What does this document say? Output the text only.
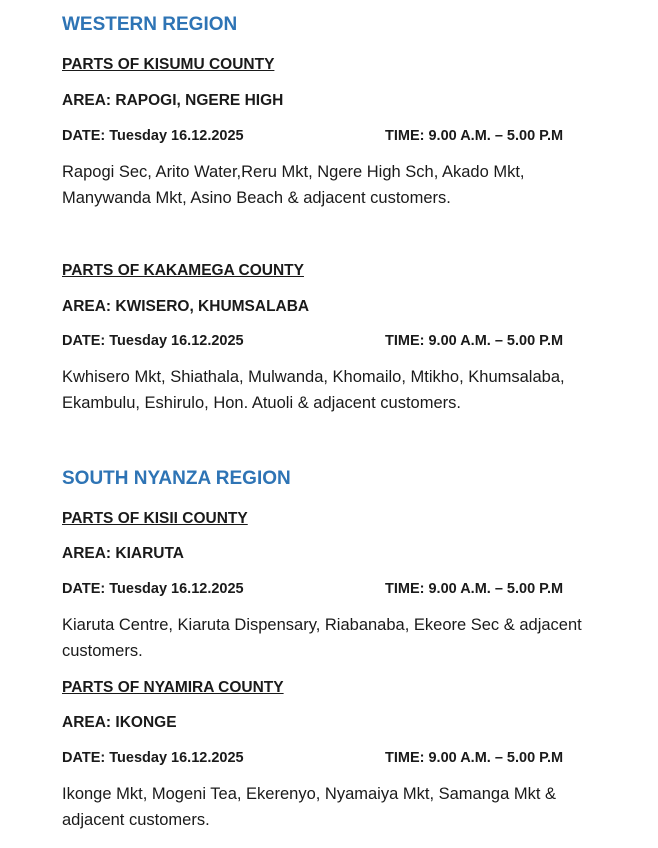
WESTERN REGION
PARTS OF KISUMU COUNTY
AREA: RAPOGI, NGERE HIGH
DATE: Tuesday 16.12.2025	TIME: 9.00 A.M. – 5.00 P.M
Rapogi Sec, Arito Water,Reru Mkt, Ngere High Sch, Akado Mkt, Manywanda Mkt, Asino Beach & adjacent customers.
PARTS OF KAKAMEGA COUNTY
AREA: KWISERO, KHUMSALABA
DATE: Tuesday 16.12.2025	TIME: 9.00 A.M. – 5.00 P.M
Kwhisero Mkt, Shiathala, Mulwanda, Khomailo, Mtikho, Khumsalaba, Ekambulu, Eshirulo, Hon. Atuoli & adjacent customers.
SOUTH NYANZA REGION
PARTS OF KISII COUNTY
AREA: KIARUTA
DATE: Tuesday 16.12.2025	TIME: 9.00 A.M. – 5.00 P.M
Kiaruta Centre, Kiaruta Dispensary, Riabanaba, Ekeore Sec & adjacent customers.
PARTS OF NYAMIRA COUNTY
AREA: IKONGE
DATE: Tuesday 16.12.2025	TIME: 9.00 A.M. – 5.00 P.M
Ikonge Mkt, Mogeni Tea, Ekerenyo, Nyamaiya Mkt, Samanga Mkt & adjacent customers.
